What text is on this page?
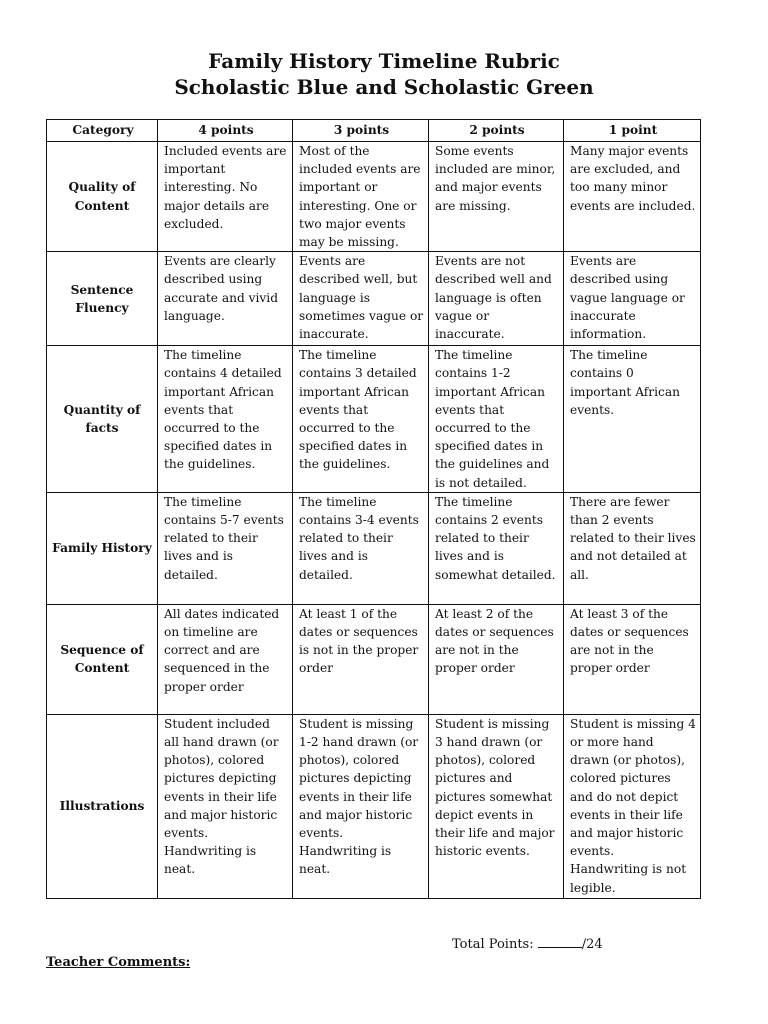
Family History Timeline Rubric
Scholastic Blue and Scholastic Green
Category	4 points	3 points	2 points	1 point
Quality of Content	Included events are important interesting. No major details are excluded.	Most of the included events are important or interesting. One or two major events may be missing.	Some events included are minor, and major events are missing.	Many major events are excluded, and too many minor events are included.
Sentence Fluency	Events are clearly described using accurate and vivid language.	Events are described well, but language is sometimes vague or inaccurate.	Events are not described well and language is often vague or inaccurate.	Events are described using vague language or inaccurate information.
Quantity of facts	The timeline contains 4 detailed important African events that occurred to the specified dates in the guidelines.	The timeline contains 3 detailed important African events that occurred to the specified dates in the guidelines.	The timeline contains 1-2 important African events that occurred to the specified dates in the guidelines and is not detailed.	The timeline contains 0 important African events.
Family History	The timeline contains 5-7 events related to their lives and is detailed.	The timeline contains 3-4 events related to their lives and is detailed.	The timeline contains 2 events related to their lives and is somewhat detailed.	There are fewer than 2 events related to their lives and not detailed at all.
Sequence of Content	All dates indicated on timeline are correct and are sequenced in the proper order	At least 1 of the dates or sequences is not in the proper order	At least 2 of the dates or sequences are not in the proper order	At least 3 of the dates or sequences are not in the proper order
Illustrations	Student included all hand drawn (or photos), colored pictures depicting events in their life and major historic events. Handwriting is neat.	Student is missing 1-2 hand drawn (or photos), colored pictures depicting events in their life and major historic events. Handwriting is neat.	Student is missing 3 hand drawn (or photos), colored pictures and pictures somewhat depict events in their life and major historic events.	Student is missing 4 or more hand drawn (or photos), colored pictures and do not depict events in their life and major historic events. Handwriting is not legible.
Total Points:	/24
Teacher Comments:
